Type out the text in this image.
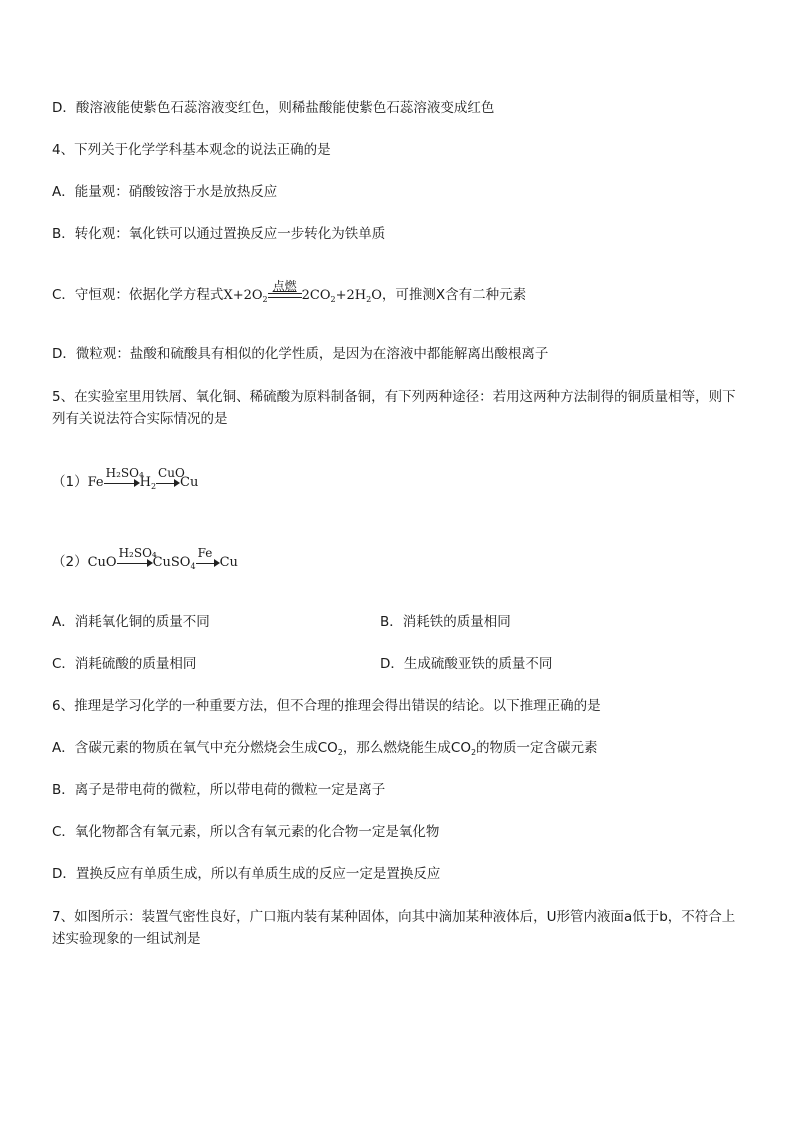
D．酸溶液能使紫色石蕊溶液变红色，则稀盐酸能使紫色石蕊溶液变成红色
4、下列关于化学学科基本观念的说法正确的是
A．能量观：硝酸铵溶于水是放热反应
B．转化观：氧化铁可以通过置换反应一步转化为铁单质
C．守恒观：依据化学方程式$X+2O_2$
点燃
$2CO_2+2H_2O$，可推测X含有二种元素
D．微粒观：盐酸和硫酸具有相似的化学性质，是因为在溶液中都能解离出酸根离子
5、在实验室里用铁屑、氧化铜、稀硫酸为原料制备铜，有下列两种途径：若用这两种方法制得的铜质量相等，则下列有关说法符合实际情况的是
（1）Fe
H₂SO₄
$H_2$
CuO
Cu
（2）CuO
H₂SO₄
CuSO$_4$
Fe
Cu
A．消耗氧化铜的质量不同	B．消耗铁的质量相同
C．消耗硫酸的质量相同	D．生成硫酸亚铁的质量不同
6、推理是学习化学的一种重要方法，但不合理的推理会得出错误的结论。以下推理正确的是
A．含碳元素的物质在氧气中充分燃烧会生成$CO_2$，那么燃烧能生成$CO_2$的物质一定含碳元素
B．离子是带电荷的微粒，所以带电荷的微粒一定是离子
C．氧化物都含有氧元素，所以含有氧元素的化合物一定是氧化物
D．置换反应有单质生成，所以有单质生成的反应一定是置换反应
7、如图所示：装置气密性良好，广口瓶内装有某种固体，向其中滴加某种液体后，U形管内液面a低于b，不符合上述实验现象的一组试剂是
